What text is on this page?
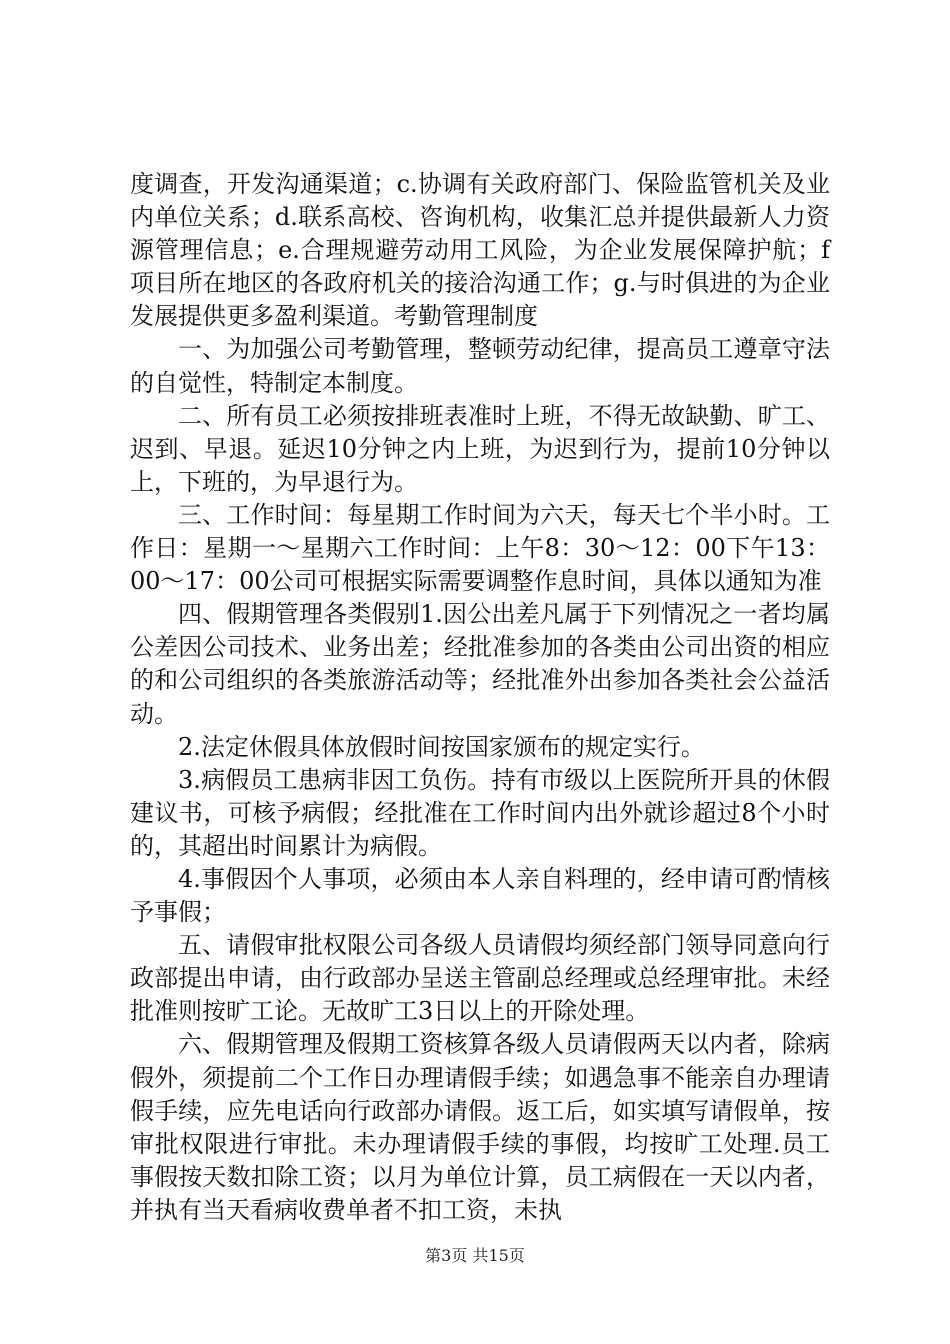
度调查，开发沟通渠道；c.协调有关政府部门、保险监管机关及业内单位关系；d.联系高校、咨询机构，收集汇总并提供最新人力资源管理信息；e.合理规避劳动用工风险，为企业发展保障护航；f项目所在地区的各政府机关的接洽沟通工作；g.与时俱进的为企业发展提供更多盈利渠道。考勤管理制度

一、为加强公司考勤管理，整顿劳动纪律，提高员工遵章守法的自觉性，特制定本制度。

二、所有员工必须按排班表准时上班，不得无故缺勤、旷工、迟到、早退。延迟10分钟之内上班，为迟到行为，提前10分钟以上，下班的，为早退行为。

三、工作时间：每星期工作时间为六天，每天七个半小时。工作日：星期一～星期六工作时间：上午8：30～12：00下午13：00～17：00公司可根据实际需要调整作息时间，具体以通知为准

四、假期管理各类假别1.因公出差凡属于下列情况之一者均属公差因公司技术、业务出差；经批准参加的各类由公司出资的相应的和公司组织的各类旅游活动等；经批准外出参加各类社会公益活动。

2.法定休假具体放假时间按国家颁布的规定实行。

3.病假员工患病非因工负伤。持有市级以上医院所开具的休假建议书，可核予病假；经批准在工作时间内出外就诊超过8个小时的，其超出时间累计为病假。

4.事假因个人事项，必须由本人亲自料理的，经申请可酌情核予事假；

五、请假审批权限公司各级人员请假均须经部门领导同意向行政部提出申请，由行政部办呈送主管副总经理或总经理审批。未经批准则按旷工论。无故旷工3日以上的开除处理。

六、假期管理及假期工资核算各级人员请假两天以内者，除病假外，须提前二个工作日办理请假手续；如遇急事不能亲自办理请假手续，应先电话向行政部办请假。返工后，如实填写请假单，按审批权限进行审批。未办理请假手续的事假，均按旷工处理.员工事假按天数扣除工资；以月为单位计算，员工病假在一天以内者，并执有当天看病收费单者不扣工资，未执

第3页 共15页
